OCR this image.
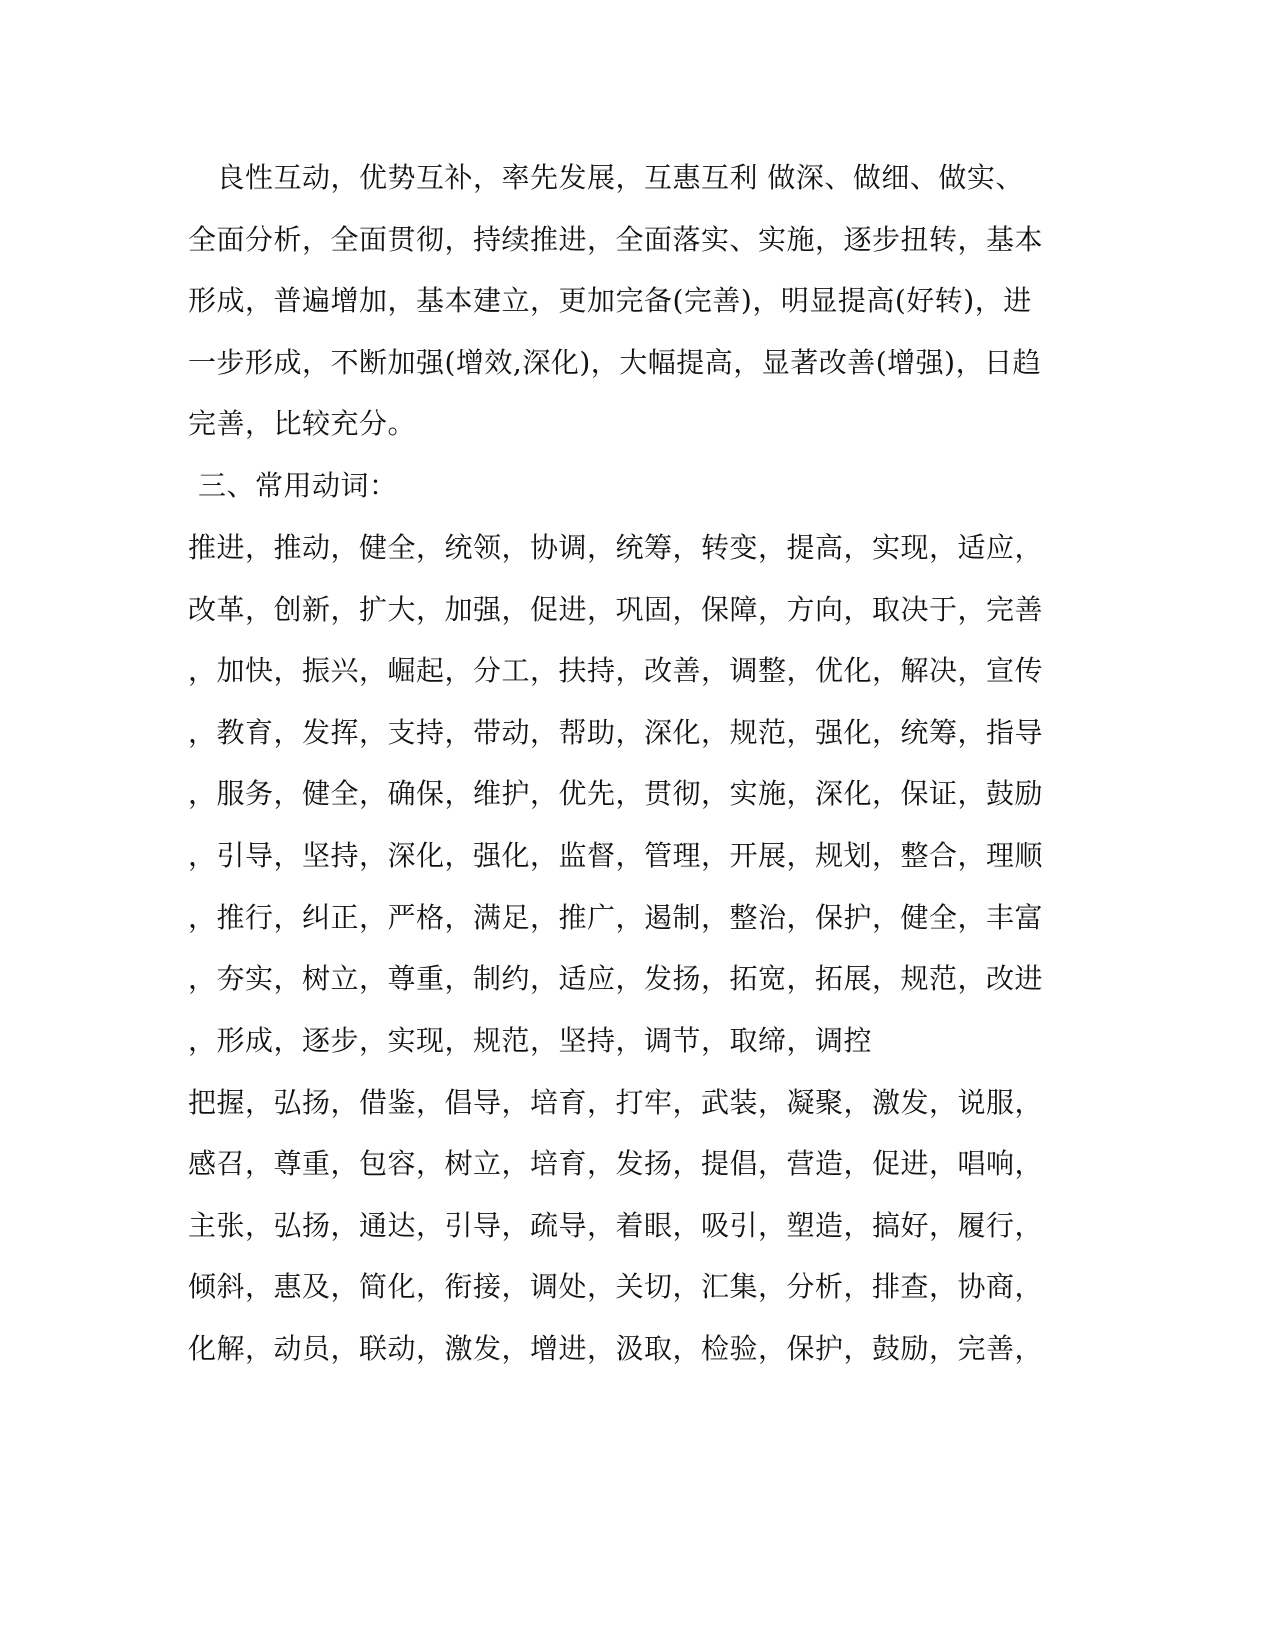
　良性互动，优势互补，率先发展，互惠互利 做深、做细、做实、
全面分析，全面贯彻，持续推进，全面落实、实施，逐步扭转，基本
形成，普遍增加，基本建立，更加完备(完善)，明显提高(好转)，进
一步形成，不断加强(增效,深化)，大幅提高，显著改善(增强)，日趋
完善，比较充分。
三、常用动词：
推进，推动，健全，统领，协调，统筹，转变，提高，实现，适应，
改革，创新，扩大，加强，促进，巩固，保障，方向，取决于，完善
，加快，振兴，崛起，分工，扶持，改善，调整，优化，解决，宣传
，教育，发挥，支持，带动，帮助，深化，规范，强化，统筹，指导
，服务，健全，确保，维护，优先，贯彻，实施，深化，保证，鼓励
，引导，坚持，深化，强化，监督，管理，开展，规划，整合，理顺
，推行，纠正，严格，满足，推广，遏制，整治，保护，健全，丰富
，夯实，树立，尊重，制约，适应，发扬，拓宽，拓展，规范，改进
，形成，逐步，实现，规范，坚持，调节，取缔，调控
把握，弘扬，借鉴，倡导，培育，打牢，武装，凝聚，激发，说服，
感召，尊重，包容，树立，培育，发扬，提倡，营造，促进，唱响，
主张，弘扬，通达，引导，疏导，着眼，吸引，塑造，搞好，履行，
倾斜，惠及，简化，衔接，调处，关切，汇集，分析，排查，协商，
化解，动员，联动，激发，增进，汲取，检验，保护，鼓励，完善，
